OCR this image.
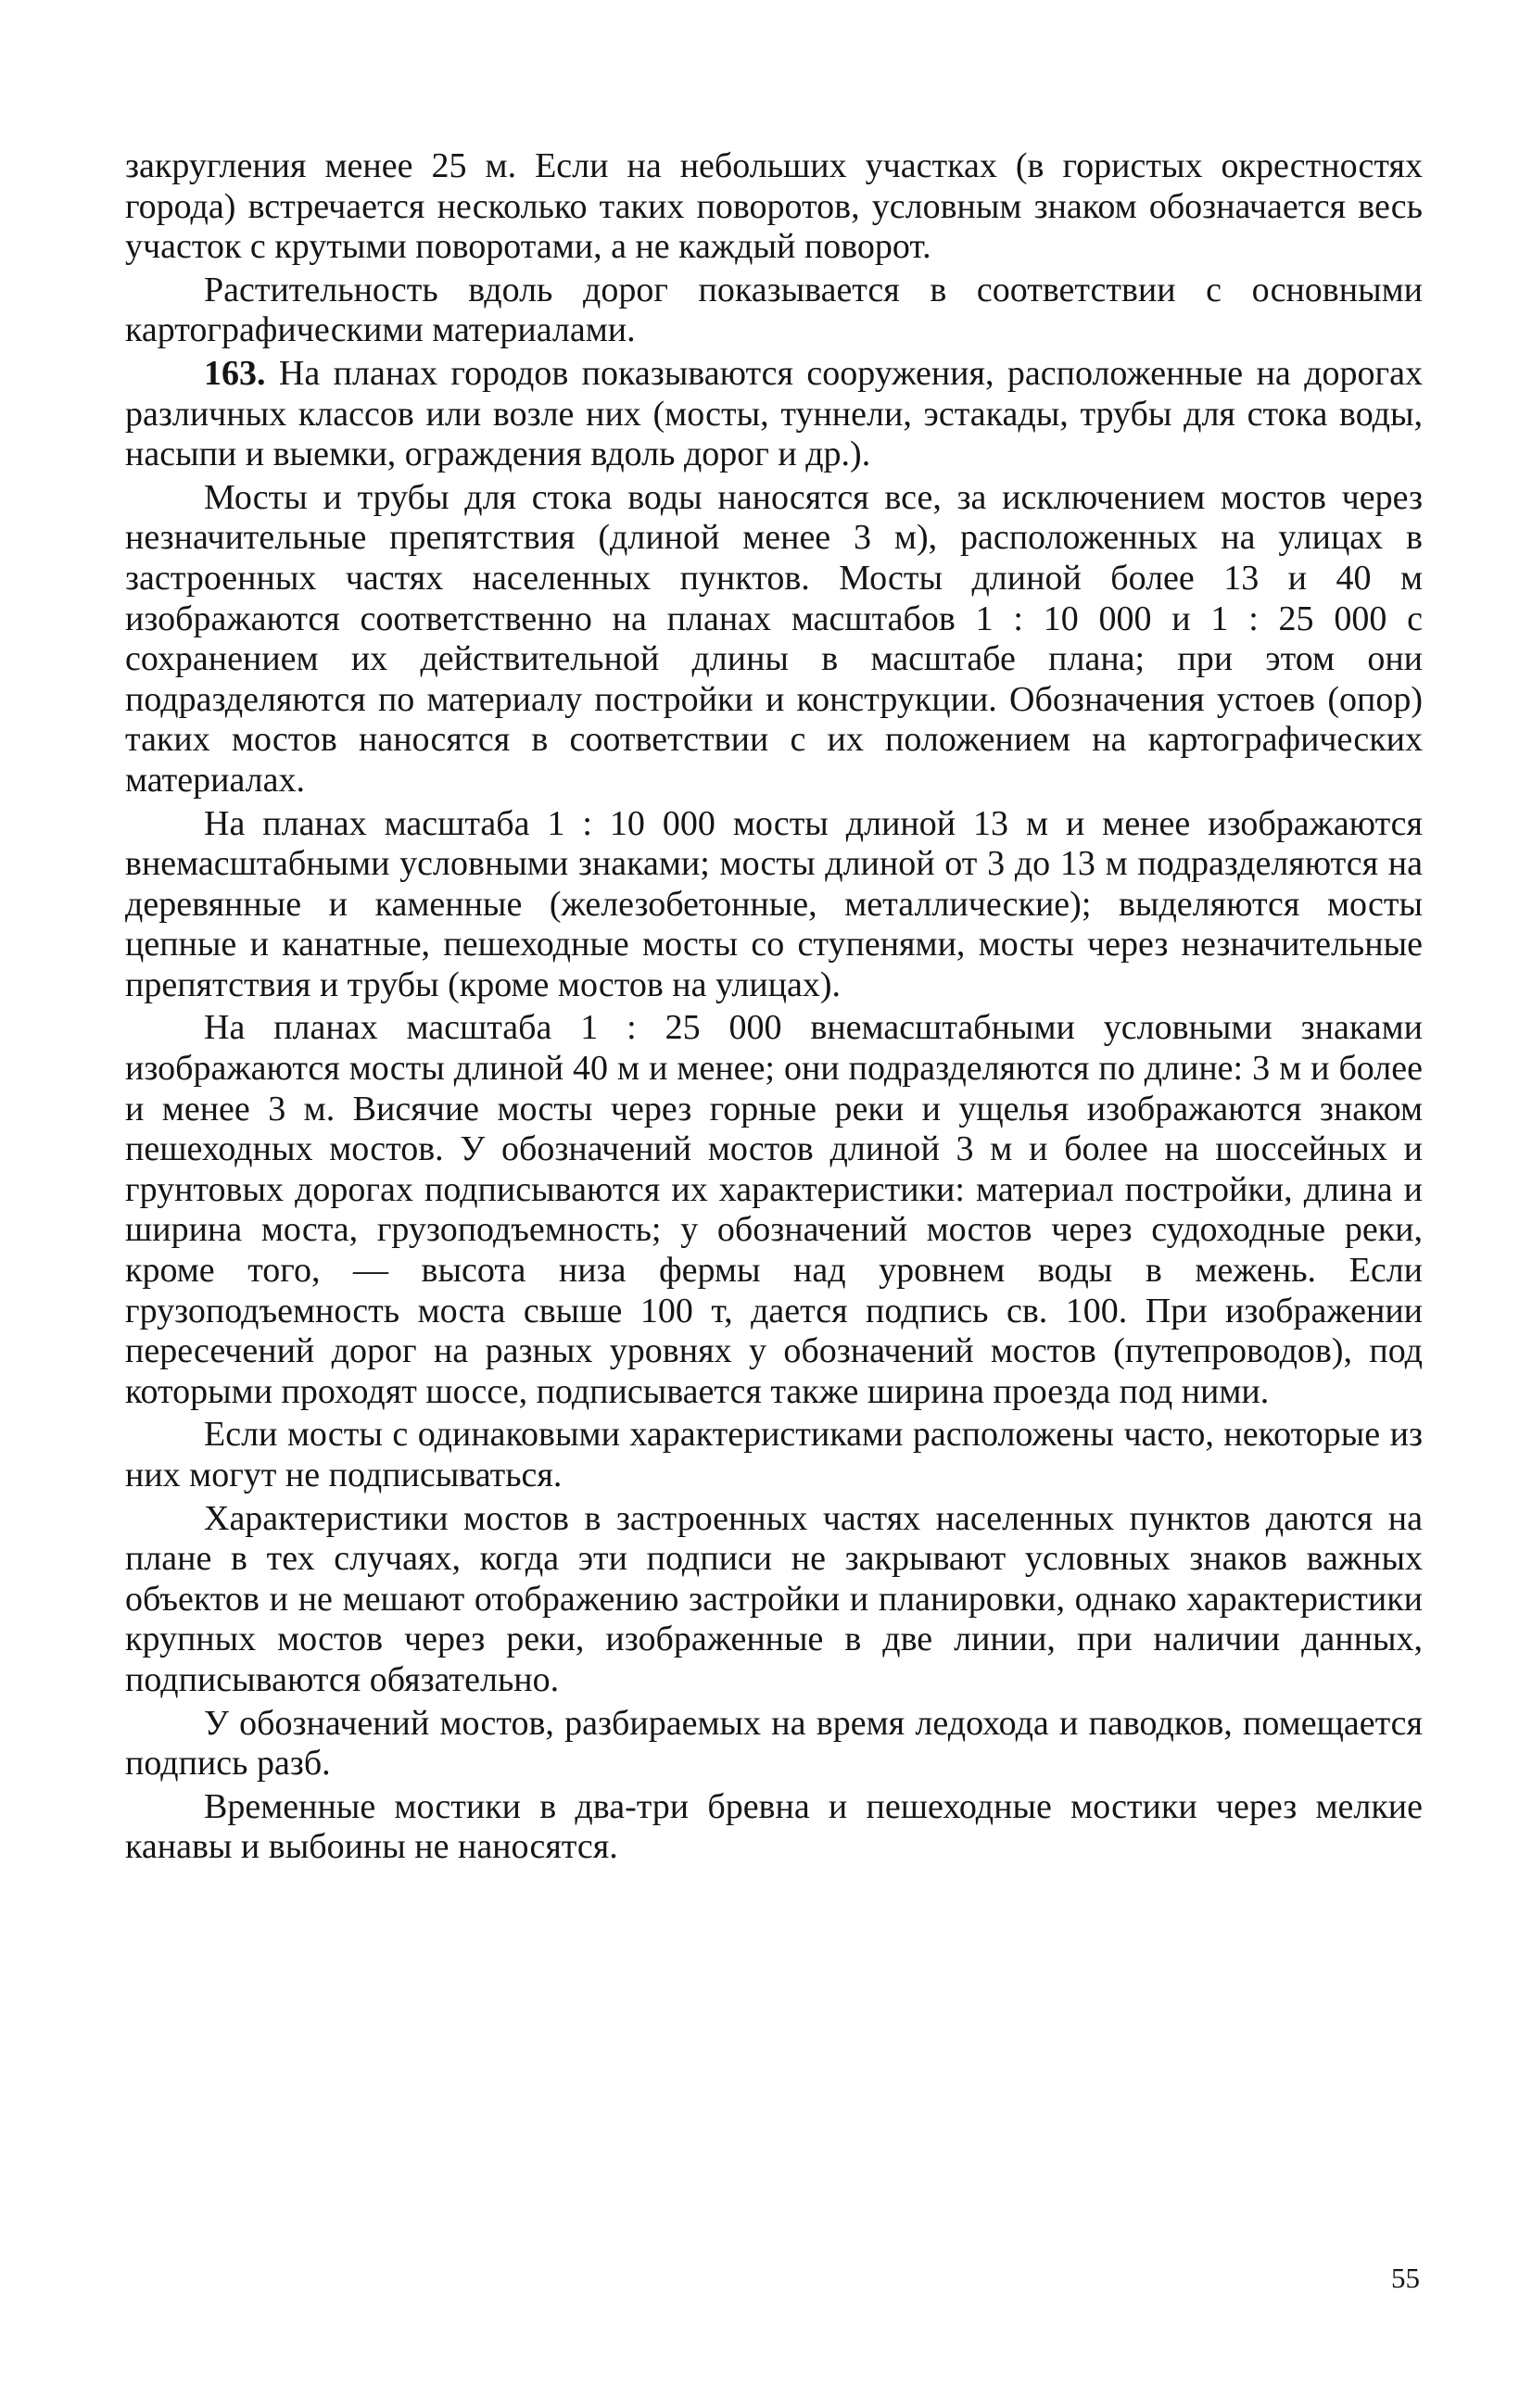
закругления менее 25 м. Если на небольших участках (в гористых окрестностях города) встречается несколько таких поворотов, условным знаком обозначается весь участок с крутыми поворотами, а не каждый поворот.

Растительность вдоль дорог показывается в соответствии с основными картографическими материалами.

163. На планах городов показываются сооружения, расположенные на дорогах различных классов или возле них (мосты, туннели, эстакады, трубы для стока воды, насыпи и выемки, ограждения вдоль дорог и др.).

Мосты и трубы для стока воды наносятся все, за исключением мостов через незначительные препятствия (длиной менее 3 м), расположенных на улицах в застроенных частях населенных пунктов. Мосты длиной более 13 и 40 м изображаются соответственно на планах масштабов 1 : 10 000 и 1 : 25 000 с сохранением их действительной длины в масштабе плана; при этом они подразделяются по материалу постройки и конструкции. Обозначения устоев (опор) таких мостов наносятся в соответствии с их положением на картографических материалах.

На планах масштаба 1 : 10 000 мосты длиной 13 м и менее изображаются внемасштабными условными знаками; мосты длиной от 3 до 13 м подразделяются на деревянные и каменные (железобетонные, металлические); выделяются мосты цепные и канатные, пешеходные мосты со ступенями, мосты через незначительные препятствия и трубы (кроме мостов на улицах).

На планах масштаба 1 : 25 000 внемасштабными условными знаками изображаются мосты длиной 40 м и менее; они подразделяются по длине: 3 м и более и менее 3 м. Висячие мосты через горные реки и ущелья изображаются знаком пешеходных мостов. У обозначений мостов длиной 3 м и более на шоссейных и грунтовых дорогах подписываются их характеристики: материал постройки, длина и ширина моста, грузоподъемность; у обозначений мостов через судоходные реки, кроме того, — высота низа фермы над уровнем воды в межень. Если грузоподъемность моста свыше 100 т, дается подпись св. 100. При изображении пересечений дорог на разных уровнях у обозначений мостов (путепроводов), под которыми проходят шоссе, подписывается также ширина проезда под ними.

Если мосты с одинаковыми характеристиками расположены часто, некоторые из них могут не подписываться.

Характеристики мостов в застроенных частях населенных пунктов даются на плане в тех случаях, когда эти подписи не закрывают условных знаков важных объектов и не мешают отображению застройки и планировки, однако характеристики крупных мостов через реки, изображенные в две линии, при наличии данных, подписываются обязательно.

У обозначений мостов, разбираемых на время ледохода и паводков, помещается подпись разб.

Временные мостики в два-три бревна и пешеходные мостики через мелкие канавы и выбоины не наносятся.

55
